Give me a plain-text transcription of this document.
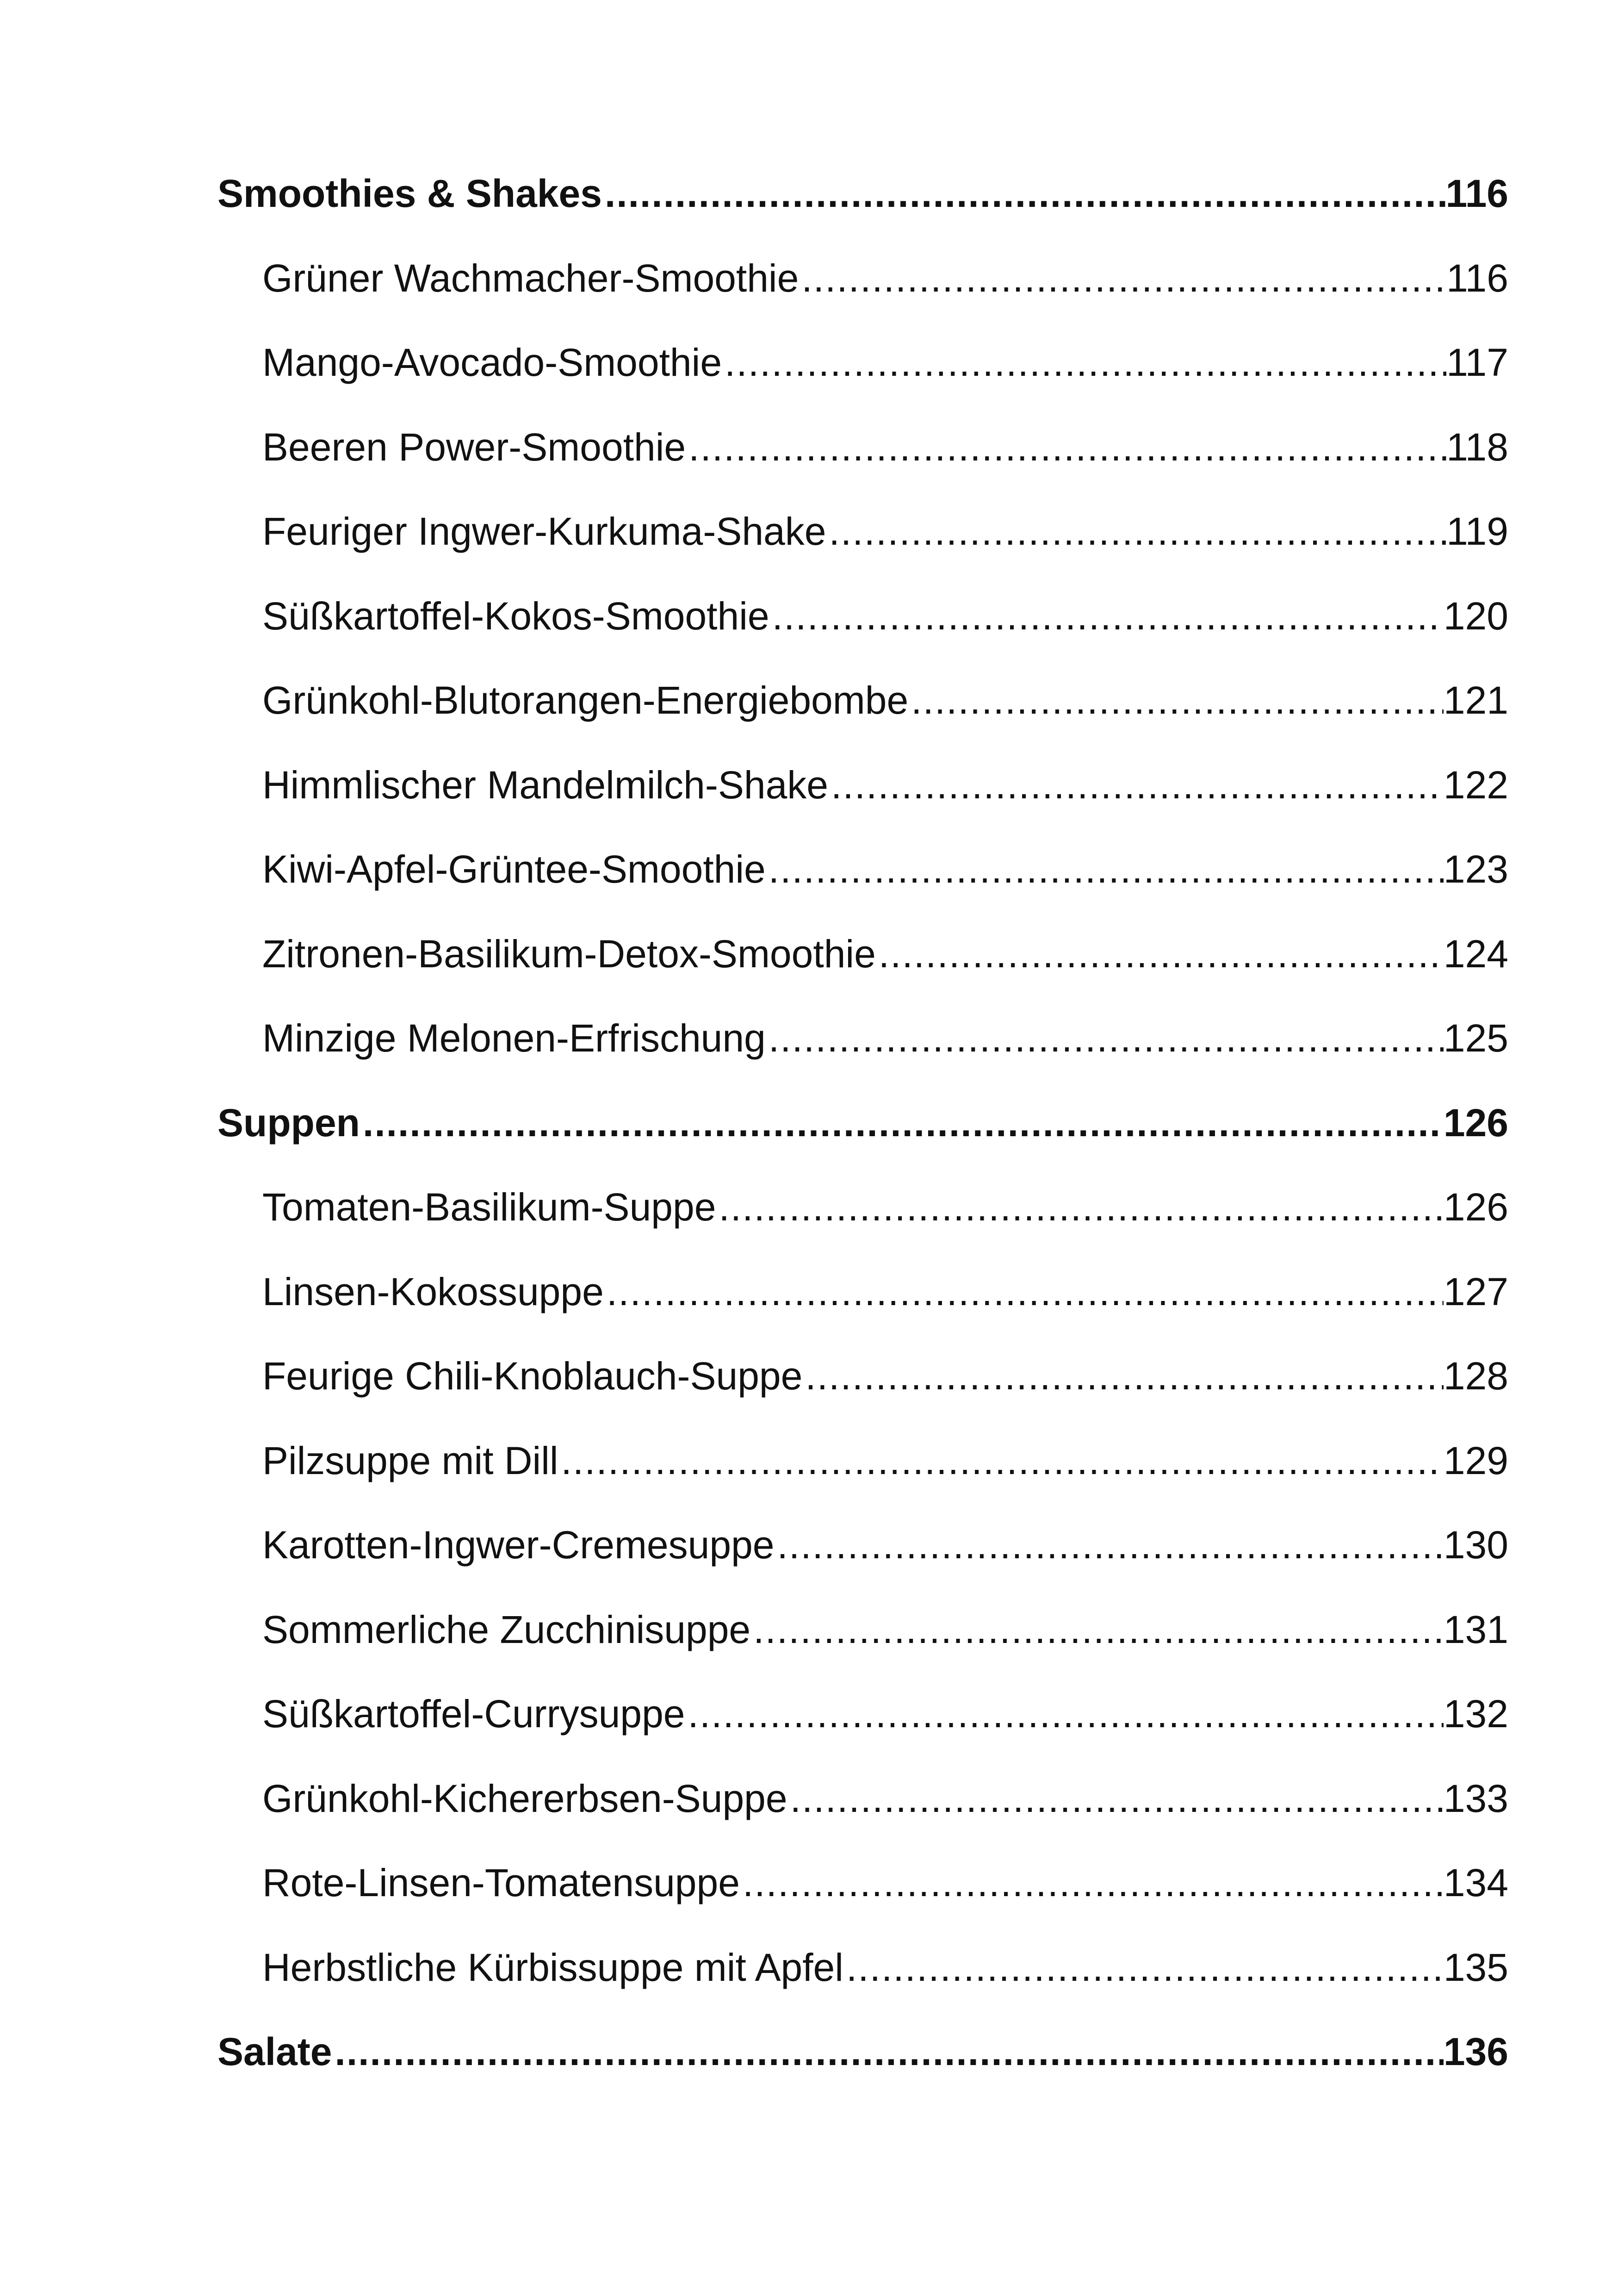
Smoothies & Shakes .....	116
Grüner Wachmacher-Smoothie .....	116
Mango-Avocado-Smoothie .....	117
Beeren Power-Smoothie .....	118
Feuriger Ingwer-Kurkuma-Shake .....	119
Süßkartoffel-Kokos-Smoothie .....	120
Grünkohl-Blutorangen-Energiebombe .....	121
Himmlischer Mandelmilch-Shake .....	122
Kiwi-Apfel-Grüntee-Smoothie .....	123
Zitronen-Basilikum-Detox-Smoothie .....	124
Minzige Melonen-Erfrischung .....	125
Suppen .....	126
Tomaten-Basilikum-Suppe .....	126
Linsen-Kokossuppe .....	127
Feurige Chili-Knoblauch-Suppe .....	128
Pilzsuppe mit Dill .....	129
Karotten-Ingwer-Cremesuppe .....	130
Sommerliche Zucchinisuppe .....	131
Süßkartoffel-Currysuppe .....	132
Grünkohl-Kichererbsen-Suppe .....	133
Rote-Linsen-Tomatensuppe .....	134
Herbstliche Kürbissuppe mit Apfel .....	135
Salate .....	136
